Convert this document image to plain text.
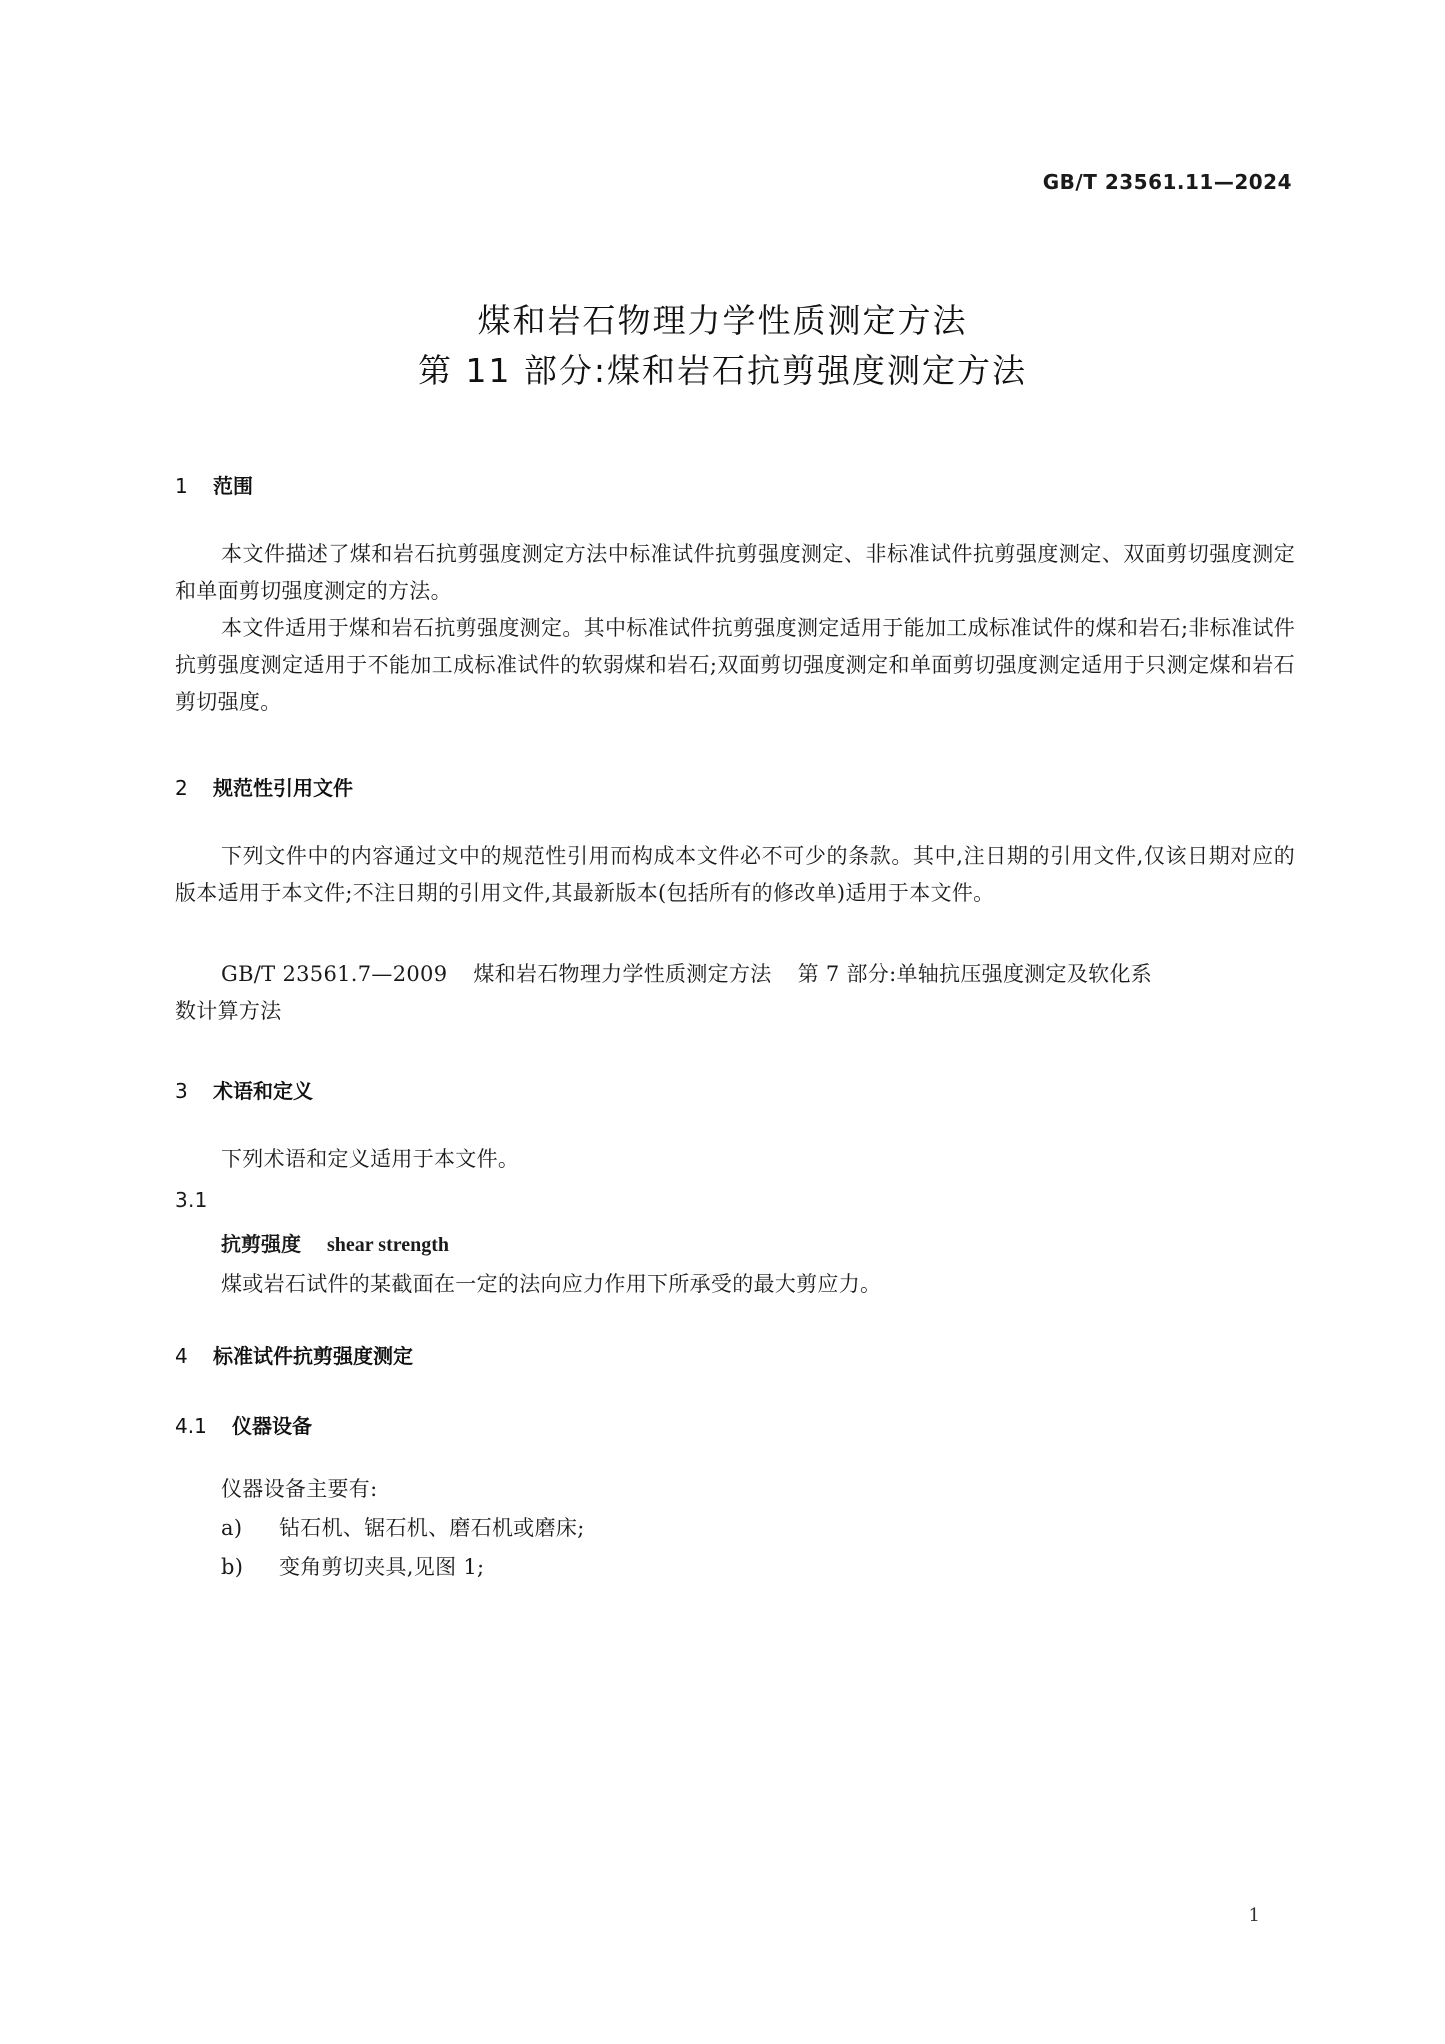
GB/T 23561.11—2024
煤和岩石物理力学性质测定方法
第 11 部分:煤和岩石抗剪强度测定方法
1 范围

本文件描述了煤和岩石抗剪强度测定方法中标准试件抗剪强度测定、非标准试件抗剪强度测定、双面剪切强度测定和单面剪切强度测定的方法。

本文件适用于煤和岩石抗剪强度测定。其中标准试件抗剪强度测定适用于能加工成标准试件的煤和岩石;非标准试件抗剪强度测定适用于不能加工成标准试件的软弱煤和岩石;双面剪切强度测定和单面剪切强度测定适用于只测定煤和岩石剪切强度。

2 规范性引用文件

下列文件中的内容通过文中的规范性引用而构成本文件必不可少的条款。其中,注日期的引用文件,仅该日期对应的版本适用于本文件;不注日期的引用文件,其最新版本(包括所有的修改单)适用于本文件。

GB/T 23561.7—2009 煤和岩石物理力学性质测定方法 第 7 部分:单轴抗压强度测定及软化系
数计算方法
3 术语和定义
下列术语和定义适用于本文件。
3.1
抗剪强度 shear strength
煤或岩石试件的某截面在一定的法向应力作用下所承受的最大剪应力。
4 标准试件抗剪强度测定
4.1 仪器设备
仪器设备主要有:
a) 钻石机、锯石机、磨石机或磨床;
b) 变角剪切夹具,见图 1;
1
